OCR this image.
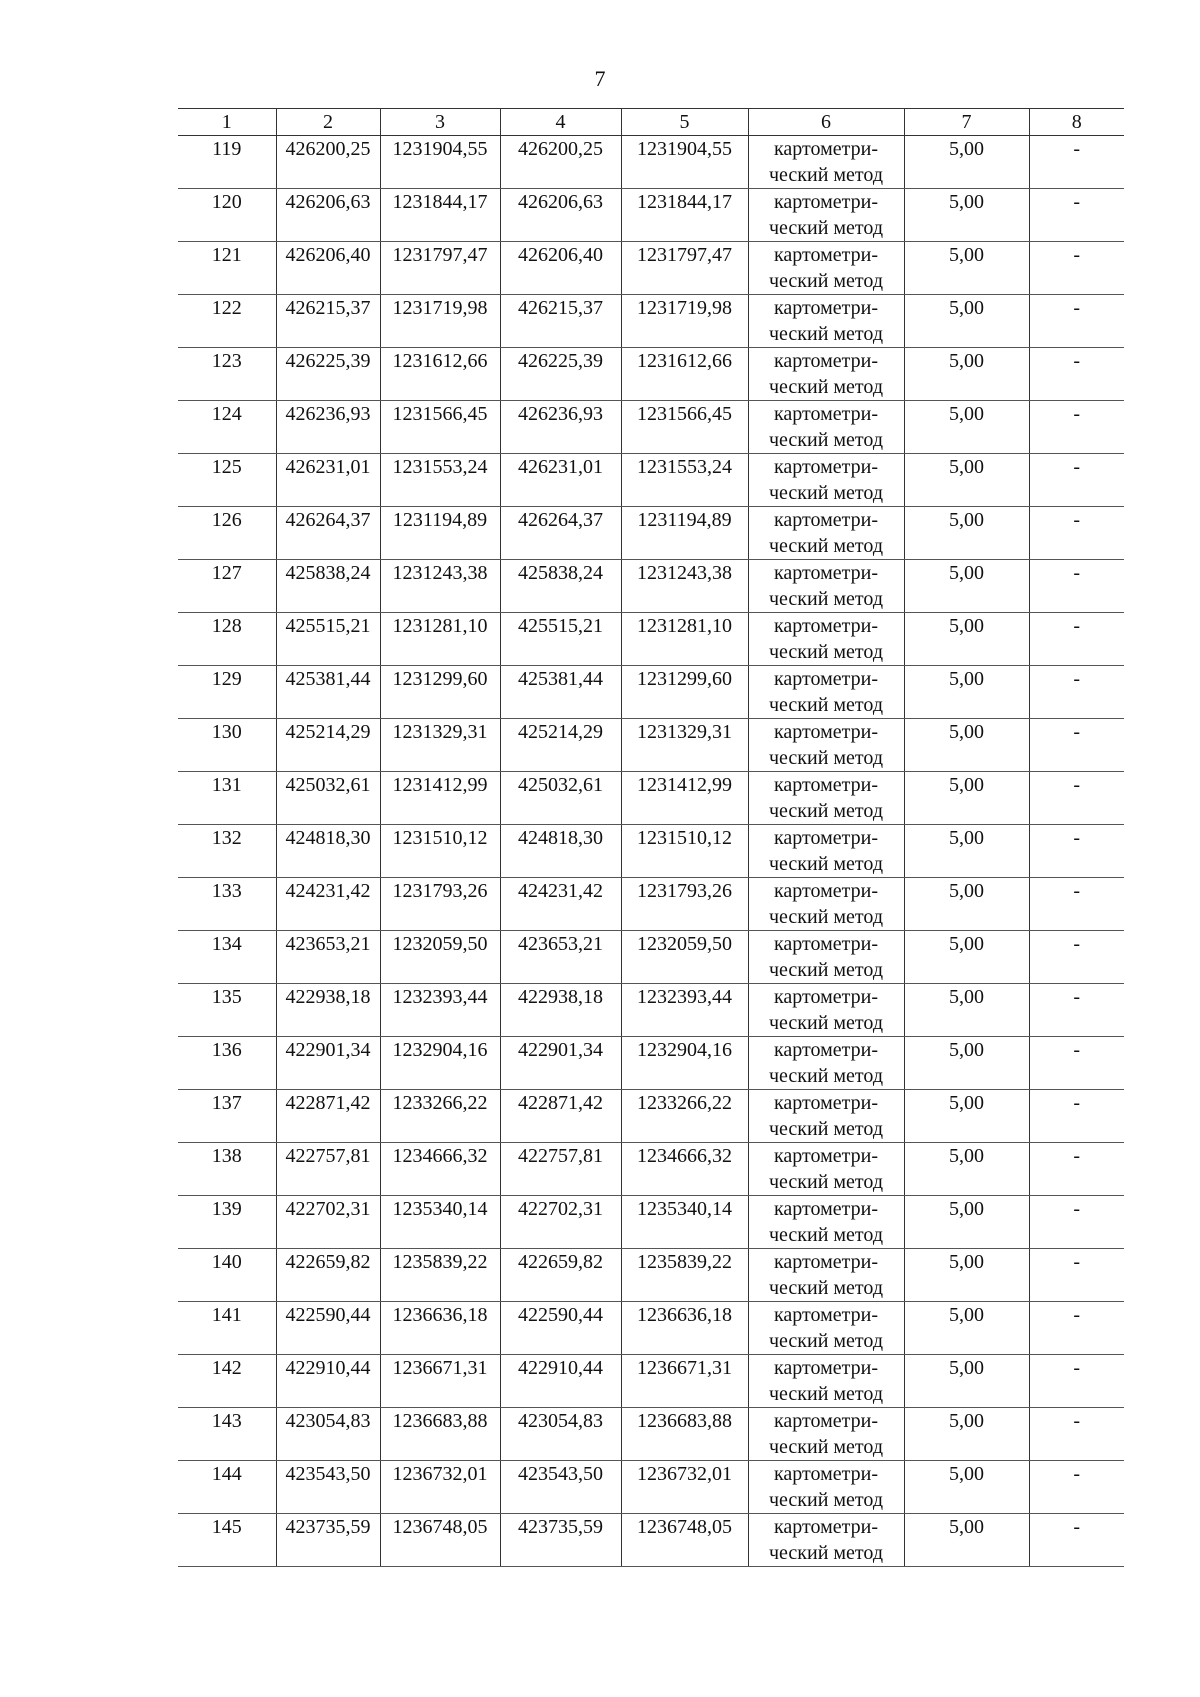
7
1	2	3	4	5	6	7	8
119	426200,25	1231904,55	426200,25	1231904,55	картометри-
ческий метод	5,00	-
120	426206,63	1231844,17	426206,63	1231844,17	картометри-
ческий метод	5,00	-
121	426206,40	1231797,47	426206,40	1231797,47	картометри-
ческий метод	5,00	-
122	426215,37	1231719,98	426215,37	1231719,98	картометри-
ческий метод	5,00	-
123	426225,39	1231612,66	426225,39	1231612,66	картометри-
ческий метод	5,00	-
124	426236,93	1231566,45	426236,93	1231566,45	картометри-
ческий метод	5,00	-
125	426231,01	1231553,24	426231,01	1231553,24	картометри-
ческий метод	5,00	-
126	426264,37	1231194,89	426264,37	1231194,89	картометри-
ческий метод	5,00	-
127	425838,24	1231243,38	425838,24	1231243,38	картометри-
ческий метод	5,00	-
128	425515,21	1231281,10	425515,21	1231281,10	картометри-
ческий метод	5,00	-
129	425381,44	1231299,60	425381,44	1231299,60	картометри-
ческий метод	5,00	-
130	425214,29	1231329,31	425214,29	1231329,31	картометри-
ческий метод	5,00	-
131	425032,61	1231412,99	425032,61	1231412,99	картометри-
ческий метод	5,00	-
132	424818,30	1231510,12	424818,30	1231510,12	картометри-
ческий метод	5,00	-
133	424231,42	1231793,26	424231,42	1231793,26	картометри-
ческий метод	5,00	-
134	423653,21	1232059,50	423653,21	1232059,50	картометри-
ческий метод	5,00	-
135	422938,18	1232393,44	422938,18	1232393,44	картометри-
ческий метод	5,00	-
136	422901,34	1232904,16	422901,34	1232904,16	картометри-
ческий метод	5,00	-
137	422871,42	1233266,22	422871,42	1233266,22	картометри-
ческий метод	5,00	-
138	422757,81	1234666,32	422757,81	1234666,32	картометри-
ческий метод	5,00	-
139	422702,31	1235340,14	422702,31	1235340,14	картометри-
ческий метод	5,00	-
140	422659,82	1235839,22	422659,82	1235839,22	картометри-
ческий метод	5,00	-
141	422590,44	1236636,18	422590,44	1236636,18	картометри-
ческий метод	5,00	-
142	422910,44	1236671,31	422910,44	1236671,31	картометри-
ческий метод	5,00	-
143	423054,83	1236683,88	423054,83	1236683,88	картометри-
ческий метод	5,00	-
144	423543,50	1236732,01	423543,50	1236732,01	картометри-
ческий метод	5,00	-
145	423735,59	1236748,05	423735,59	1236748,05	картометри-
ческий метод	5,00	-
